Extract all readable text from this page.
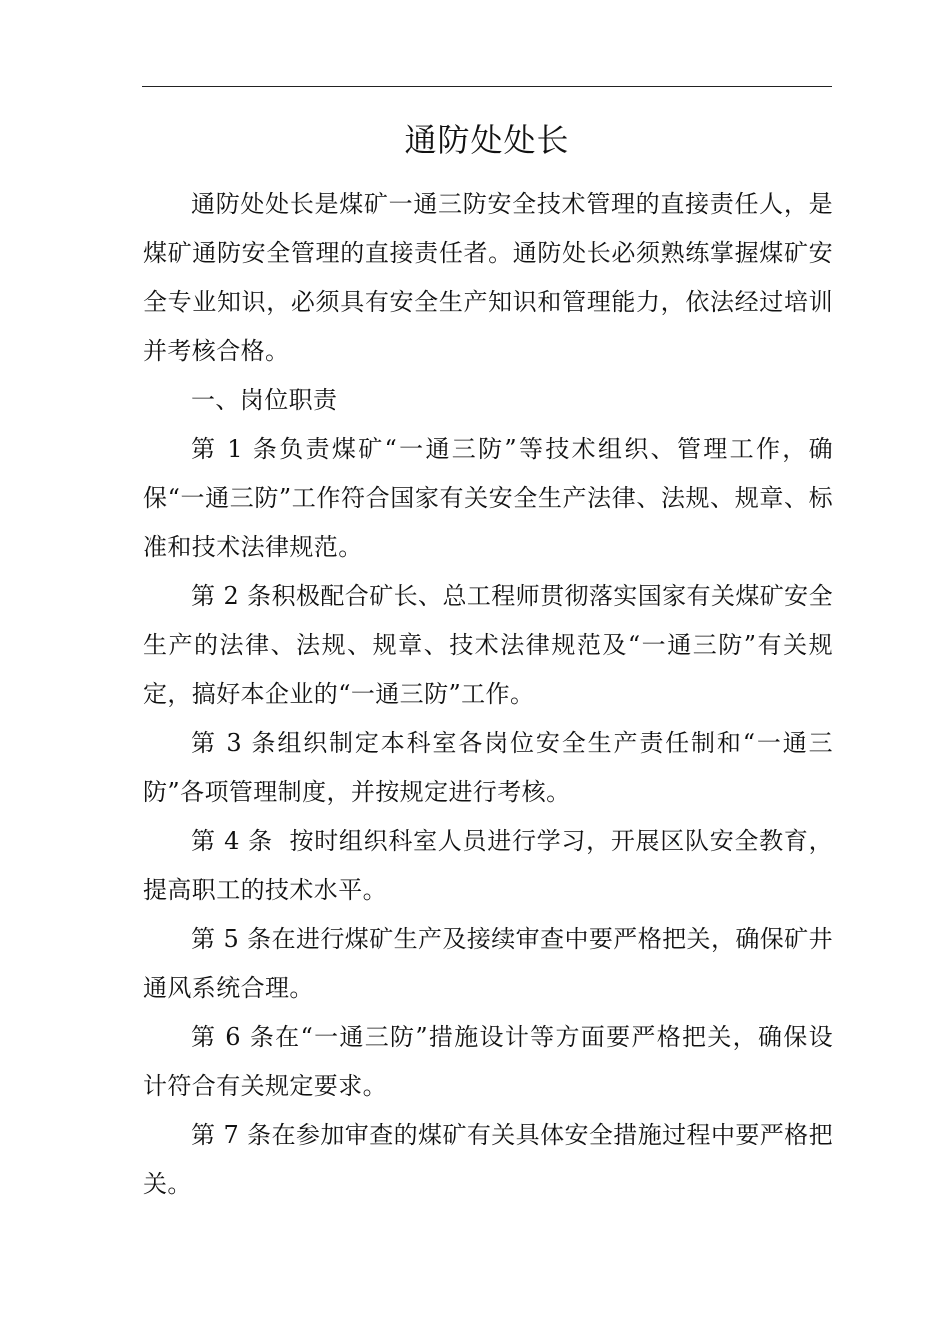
通防处处长

通防处处长是煤矿一通三防安全技术管理的直接责任人，是煤矿通防安全管理的直接责任者。通防处长必须熟练掌握煤矿安全专业知识，必须具有安全生产知识和管理能力，依法经过培训并考核合格。

一、岗位职责

第 1 条负责煤矿“一通三防”等技术组织、管理工作，确保“一通三防”工作符合国家有关安全生产法律、法规、规章、标准和技术法律规范。

第 2 条积极配合矿长、总工程师贯彻落实国家有关煤矿安全生产的法律、法规、规章、技术法律规范及“一通三防”有关规定，搞好本企业的“一通三防”工作。

第 3 条组织制定本科室各岗位安全生产责任制和“一通三防”各项管理制度，并按规定进行考核。

第 4 条  按时组织科室人员进行学习，开展区队安全教育，提高职工的技术水平。

第 5 条在进行煤矿生产及接续审查中要严格把关，确保矿井通风系统合理。

第 6 条在“一通三防”措施设计等方面要严格把关，确保设计符合有关规定要求。

第 7 条在参加审查的煤矿有关具体安全措施过程中要严格把关。
